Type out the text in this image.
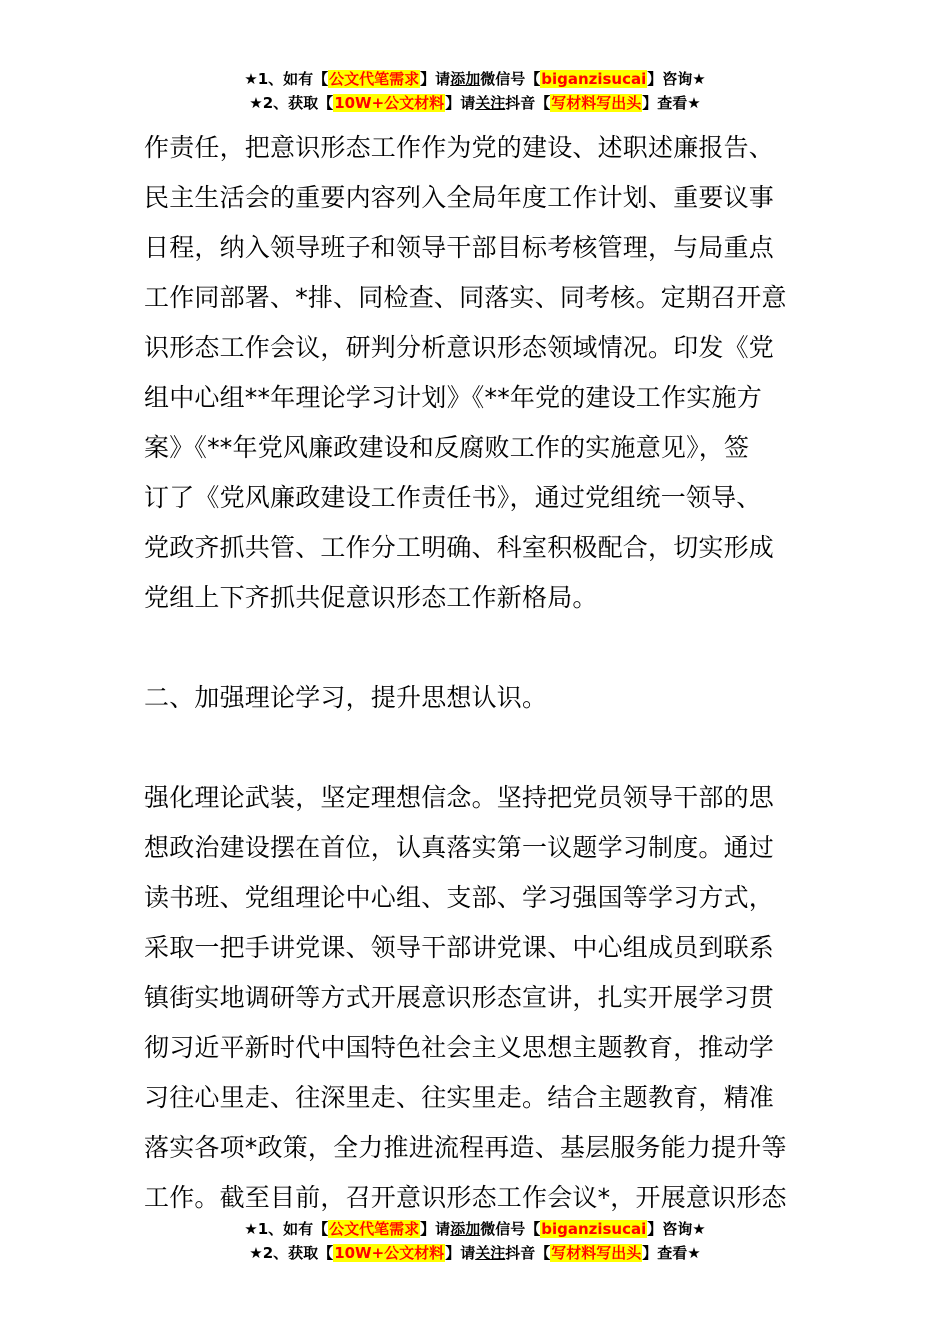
★1、如有【公文代笔需求】请添加微信号【biganzisucai】咨询★
★2、获取【10W+公文材料】请关注抖音【写材料写出头】查看★

作责任，把意识形态工作作为党的建设、述职述廉报告、
民主生活会的重要内容列入全局年度工作计划、重要议事
日程，纳入领导班子和领导干部目标考核管理，与局重点
工作同部署、*排、同检查、同落实、同考核。定期召开意
识形态工作会议，研判分析意识形态领域情况。印发《党
组中心组**年理论学习计划》《**年党的建设工作实施方
案》《**年党风廉政建设和反腐败工作的实施意见》，签
订了《党风廉政建设工作责任书》，通过党组统一领导、
党政齐抓共管、工作分工明确、科室积极配合，切实形成
党组上下齐抓共促意识形态工作新格局。

二、加强理论学习，提升思想认识。

强化理论武装，坚定理想信念。坚持把党员领导干部的思
想政治建设摆在首位，认真落实第一议题学习制度。通过
读书班、党组理论中心组、支部、学习强国等学习方式，
采取一把手讲党课、领导干部讲党课、中心组成员到联系
镇街实地调研等方式开展意识形态宣讲，扎实开展学习贯
彻习近平新时代中国特色社会主义思想主题教育，推动学
习往心里走、往深里走、往实里走。结合主题教育，精准
落实各项*政策，全力推进流程再造、基层服务能力提升等
工作。截至目前，召开意识形态工作会议*，开展意识形态

★1、如有【公文代笔需求】请添加微信号【biganzisucai】咨询★
★2、获取【10W+公文材料】请关注抖音【写材料写出头】查看★
